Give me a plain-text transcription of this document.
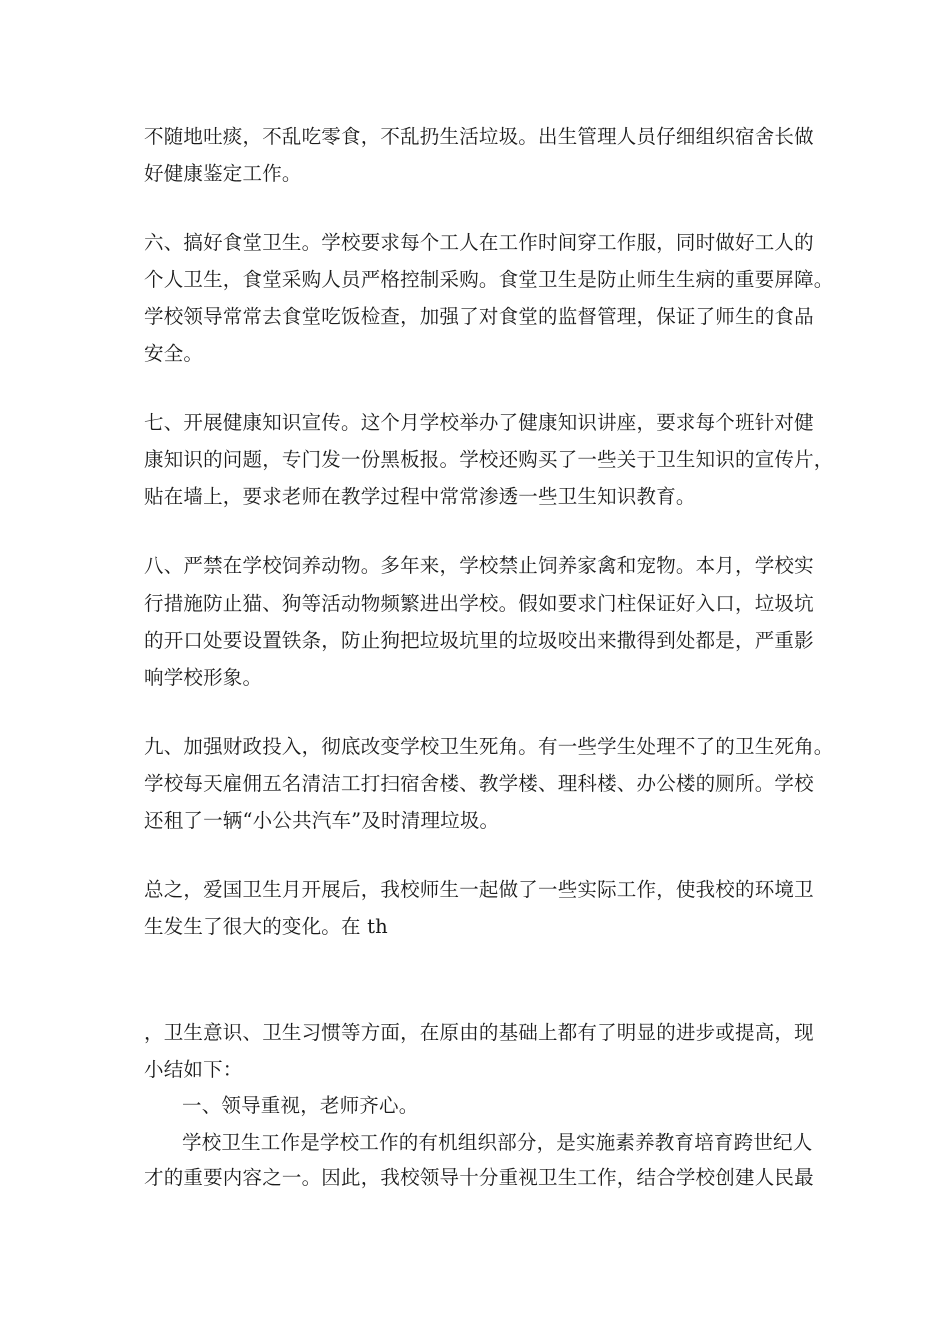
不随地吐痰，不乱吃零食，不乱扔生活垃圾。出生管理人员仔细组织宿舍长做
好健康鉴定工作。
六、搞好食堂卫生。学校要求每个工人在工作时间穿工作服，同时做好工人的
个人卫生，食堂采购人员严格控制采购。食堂卫生是防止师生生病的重要屏障。
学校领导常常去食堂吃饭检查，加强了对食堂的监督管理，保证了师生的食品
安全。
七、开展健康知识宣传。这个月学校举办了健康知识讲座，要求每个班针对健
康知识的问题，专门发一份黑板报。学校还购买了一些关于卫生知识的宣传片，
贴在墙上，要求老师在教学过程中常常渗透一些卫生知识教育。
八、严禁在学校饲养动物。多年来，学校禁止饲养家禽和宠物。本月，学校实
行措施防止猫、狗等活动物频繁进出学校。假如要求门柱保证好入口，垃圾坑
的开口处要设置铁条，防止狗把垃圾坑里的垃圾咬出来撒得到处都是，严重影
响学校形象。
九、加强财政投入，彻底改变学校卫生死角。有一些学生处理不了的卫生死角。
学校每天雇佣五名清洁工打扫宿舍楼、教学楼、理科楼、办公楼的厕所。学校
还租了一辆“小公共汽车”及时清理垃圾。
总之，爱国卫生月开展后，我校师生一起做了一些实际工作，使我校的环境卫
生发生了很大的变化。在 th
，卫生意识、卫生习惯等方面，在原由的基础上都有了明显的进步或提高，现
小结如下：
一、领导重视，老师齐心。
学校卫生工作是学校工作的有机组织部分，是实施素养教育培育跨世纪人
才的重要内容之一。因此，我校领导十分重视卫生工作，结合学校创建人民最
